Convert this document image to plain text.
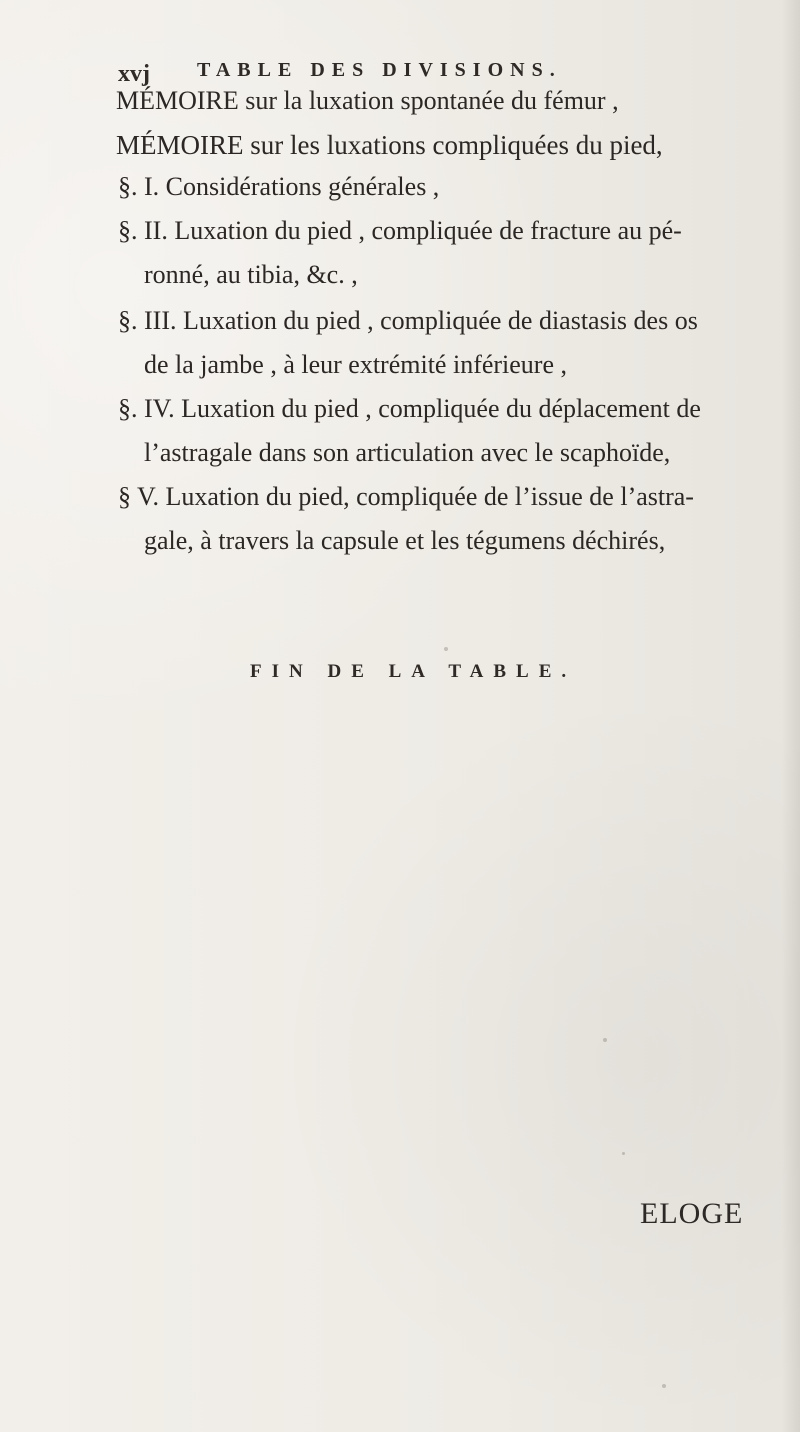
xvj TABLE DES DIVISIONS.
MÉMOIRE sur la luxation spontanée du fémur ,
MÉMOIRE sur les luxations compliquées du pied,
§. I. Considérations générales ,
§. II. Luxation du pied , compliquée de fracture au pé-
ronné, au tibia, &c. ,
§. III. Luxation du pied , compliquée de diastasis des os
de la jambe , à leur extrémité inférieure ,
§. IV. Luxation du pied , compliquée du déplacement de
l’astragale dans son articulation avec le scaphoïde,
§ V. Luxation du pied, compliquée de l’issue de l’astra-
gale, à travers la capsule et les tégumens déchirés,
FIN DE LA TABLE.
ELOGE
